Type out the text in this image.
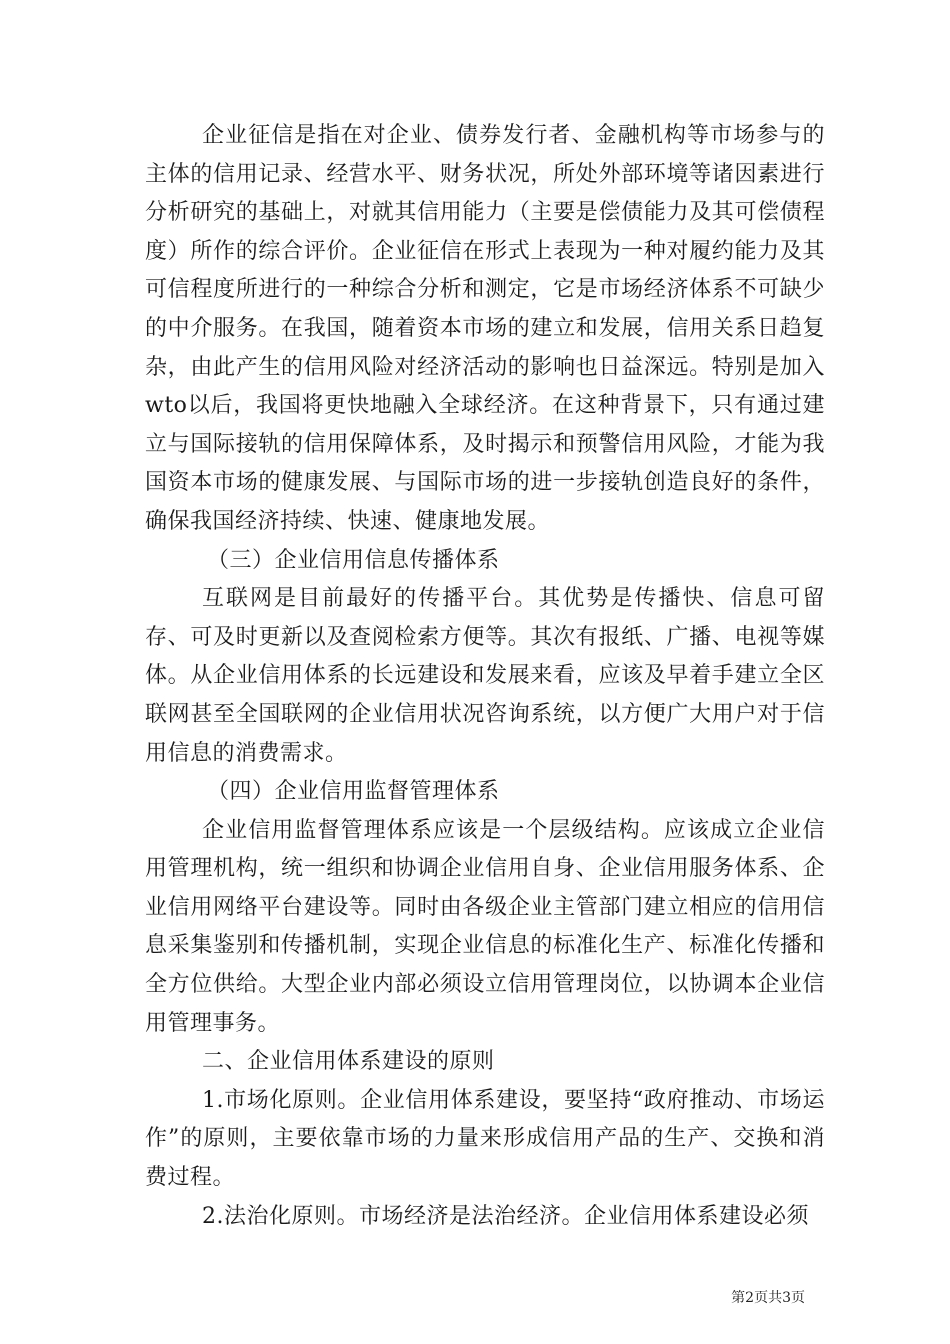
企业征信是指在对企业、债券发行者、金融机构等市场参与的主体的信用记录、经营水平、财务状况，所处外部环境等诸因素进行分析研究的基础上，对就其信用能力（主要是偿债能力及其可偿债程度）所作的综合评价。企业征信在形式上表现为一种对履约能力及其可信程度所进行的一种综合分析和测定，它是市场经济体系不可缺少的中介服务。在我国，随着资本市场的建立和发展，信用关系日趋复杂，由此产生的信用风险对经济活动的影响也日益深远。特别是加入wto以后，我国将更快地融入全球经济。在这种背景下，只有通过建立与国际接轨的信用保障体系，及时揭示和预警信用风险，才能为我国资本市场的健康发展、与国际市场的进一步接轨创造良好的条件，确保我国经济持续、快速、健康地发展。

（三）企业信用信息传播体系

互联网是目前最好的传播平台。其优势是传播快、信息可留存、可及时更新以及查阅检索方便等。其次有报纸、广播、电视等媒体。从企业信用体系的长远建设和发展来看，应该及早着手建立全区联网甚至全国联网的企业信用状况咨询系统，以方便广大用户对于信用信息的消费需求。

（四）企业信用监督管理体系

企业信用监督管理体系应该是一个层级结构。应该成立企业信用管理机构，统一组织和协调企业信用自身、企业信用服务体系、企业信用网络平台建设等。同时由各级企业主管部门建立相应的信用信息采集鉴别和传播机制，实现企业信息的标准化生产、标准化传播和全方位供给。大型企业内部必须设立信用管理岗位，以协调本企业信用管理事务。

二、企业信用体系建设的原则

1.市场化原则。企业信用体系建设，要坚持“政府推动、市场运作”的原则，主要依靠市场的力量来形成信用产品的生产、交换和消费过程。

2.法治化原则。市场经济是法治经济。企业信用体系建设必须

第2页共3页
